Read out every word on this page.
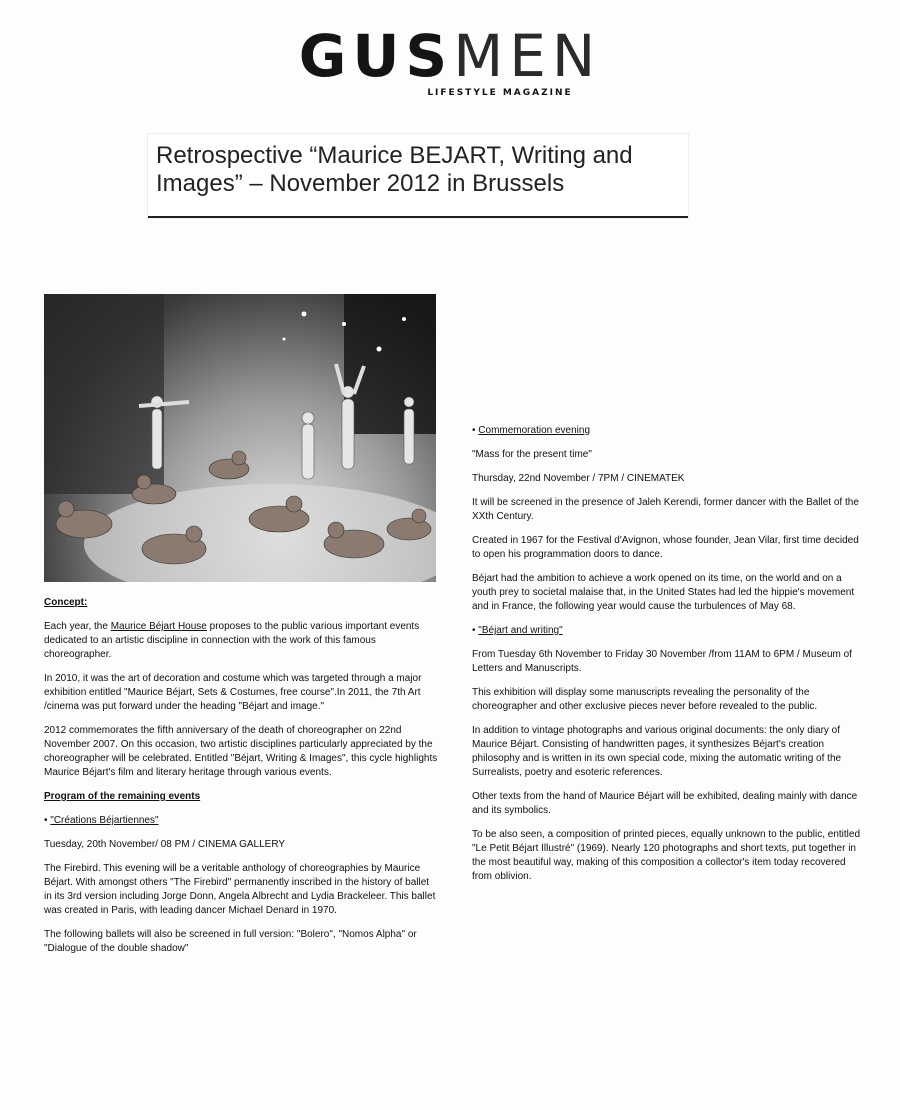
GUSMEN
LIFESTYLE MAGAZINE
Retrospective “Maurice BEJART, Writing and
Images” – November 2012 in Brussels

Concept:

Each year, the Maurice Béjart House proposes to the public various important events dedicated to an artistic discipline in connection with the work of this famous choreographer.

In 2010, it was the art of decoration and costume which was targeted through a major exhibition entitled "Maurice Béjart, Sets & Costumes, free course".In 2011, the 7th Art /cinema was put forward under the heading "Béjart and image."

2012 commemorates the fifth anniversary of the death of choreographer on 22nd November 2007. On this occasion, two artistic disciplines particularly appreciated by the choreographer will be celebrated. Entitled "Béjart, Writing & Images", this cycle highlights Maurice Béjart's film and literary heritage through various events.

Program of the remaining events

• "Créations Béjartiennes"

Tuesday, 20th November/ 08 PM / CINEMA GALLERY

The Firebird. This evening will be a veritable anthology of choreographies by Maurice Béjart. With amongst others "The Firebird" permanently inscribed in the history of ballet in its 3rd version including Jorge Donn, Angela Albrecht and Lydia Brackeleer. This ballet was created in Paris, with leading dancer Michael Denard in 1970.

The following ballets will also be screened in full version: "Bolero", "Nomos Alpha" or "Dialogue of the double shadow"

• Commemoration evening

"Mass for the present time"

Thursday, 22nd November / 7PM / CINEMATEK

It will be screened in the presence of Jaleh Kerendi, former dancer with the Ballet of the XXth Century.

Created in 1967 for the Festival d'Avignon, whose founder, Jean Vilar, first time decided to open his programmation doors to dance.

Béjart had the ambition to achieve a work opened on its time, on the world and on a youth prey to societal malaise that, in the United States had led the hippie's movement and in France, the following year would cause the turbulences of May 68.

• "Béjart and writing"

From Tuesday 6th November to Friday 30 November /from 11AM to 6PM / Museum of Letters and Manuscripts.

This exhibition will display some manuscripts revealing the personality of the choreographer and other exclusive pieces never before revealed to the public.

In addition to vintage photographs and various original documents: the only diary of Maurice Béjart. Consisting of handwritten pages, it synthesizes Béjart's creation philosophy and is written in its own special code, mixing the automatic writing of the Surrealists, poetry and esoteric references.

Other texts from the hand of Maurice Béjart will be exhibited, dealing mainly with dance and its symbolics.

To be also seen, a composition of printed pieces, equally unknown to the public, entitled "Le Petit Béjart Illustré" (1969). Nearly 120 photographs and short texts, put together in the most beautiful way, making of this composition a collector's item today recovered from oblivion.
